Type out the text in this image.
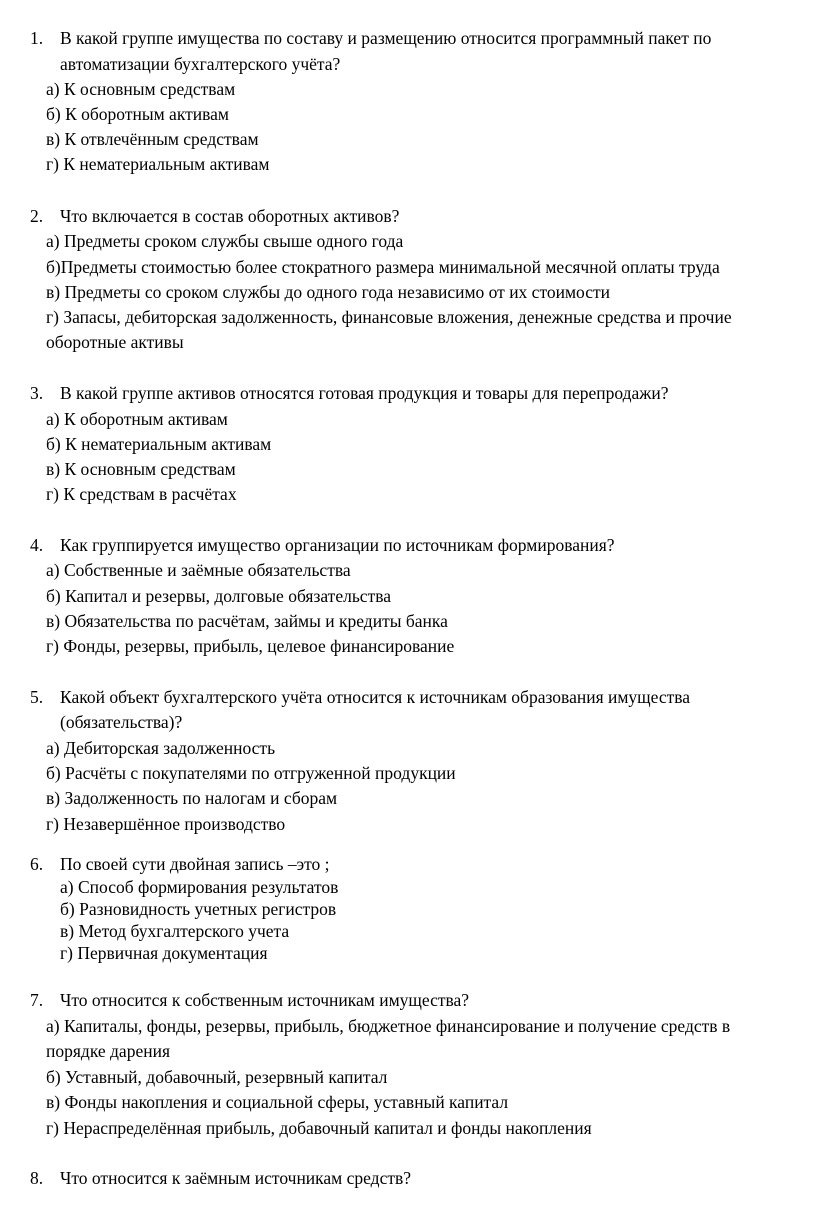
1. В какой группе имущества по составу и размещению относится программный пакет по
автоматизации бухгалтерского учёта?
а) К основным средствам
б) К оборотным активам
в) К отвлечённым средствам
г) К нематериальным активам
2. Что включается в состав оборотных активов?
а) Предметы сроком службы свыше одного года
б)Предметы стоимостью более стократного размера минимальной месячной оплаты труда
в) Предметы со сроком службы до одного года независимо от их стоимости
г) Запасы, дебиторская задолженность, финансовые вложения, денежные средства и прочие
оборотные активы
3. В какой группе активов относятся готовая продукция и товары для перепродажи?
а) К оборотным активам
б) К нематериальным активам
в) К основным средствам
г) К средствам в расчётах
4. Как группируется имущество организации по источникам формирования?
а) Собственные и заёмные обязательства
б) Капитал и резервы, долговые обязательства
в) Обязательства по расчётам, займы и кредиты банка
г) Фонды, резервы, прибыль, целевое финансирование
5. Какой объект бухгалтерского учёта относится к источникам образования имущества
(обязательства)?
а) Дебиторская задолженность
б) Расчёты с покупателями по отгруженной продукции
в) Задолженность по налогам и сборам
г) Незавершённое производство
6. По своей сути двойная запись –это ;
а) Способ формирования результатов
б) Разновидность учетных регистров
в) Метод бухгалтерского учета
г) Первичная документация
7. Что относится к собственным источникам имущества?
а) Капиталы, фонды, резервы, прибыль, бюджетное финансирование и получение средств в
порядке дарения
б) Уставный, добавочный, резервный капитал
в) Фонды накопления и социальной сферы, уставный капитал
г) Нераспределённая прибыль, добавочный капитал и фонды накопления
8. Что относится к заёмным источникам средств?
